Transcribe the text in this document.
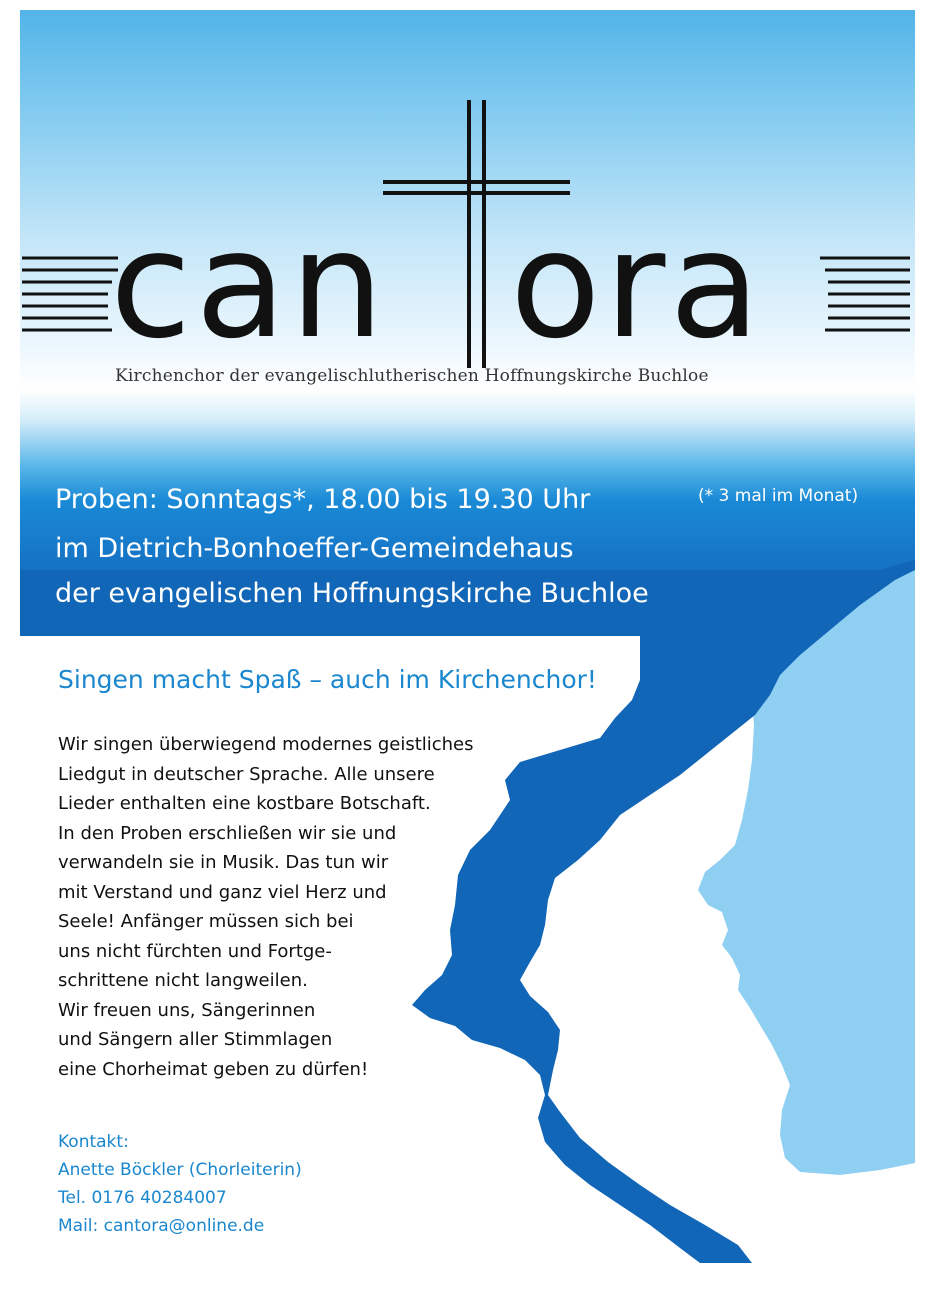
can ora
Kirchenchor der evangelischlutherischen Hoffnungskirche Buchloe
Proben: Sonntags*, 18.00 bis 19.30 Uhr	(* 3 mal im Monat)
im Dietrich-Bonhoeffer-Gemeindehaus
der evangelischen Hoffnungskirche Buchloe
Singen macht Spaß – auch im Kirchenchor!
Wir singen überwiegend modernes geistliches
Liedgut in deutscher Sprache. Alle unsere
Lieder enthalten eine kostbare Botschaft.
In den Proben erschließen wir sie und
verwandeln sie in Musik. Das tun wir
mit Verstand und ganz viel Herz und
Seele! Anfänger müssen sich bei
uns nicht fürchten und Fortge-
schrittene nicht langweilen.
Wir freuen uns, Sängerinnen
und Sängern aller Stimmlagen
eine Chorheimat geben zu dürfen!
Kontakt:
Anette Böckler (Chorleiterin)
Tel. 0176 40284007
Mail: cantora@online.de
